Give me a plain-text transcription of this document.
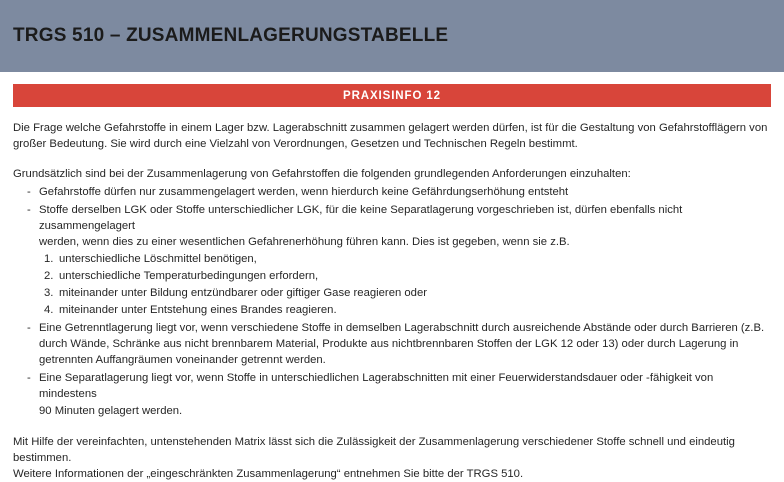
TRGS 510 – ZUSAMMENLAGERUNGSTABELLE
PRAXISINFO 12
Die Frage welche Gefahrstoffe in einem Lager bzw. Lagerabschnitt zusammen gelagert werden dürfen, ist für die Gestaltung von Gefahrstofflägern von
großer Bedeutung. Sie wird durch eine Vielzahl von Verordnungen, Gesetzen und Technischen Regeln bestimmt.
Grundsätzlich sind bei der Zusammenlagerung von Gefahrstoffen die folgenden grundlegenden Anforderungen einzuhalten:
- Gefahrstoffe dürfen nur zusammengelagert werden, wenn hierdurch keine Gefährdungserhöhung entsteht
- Stoffe derselben LGK oder Stoffe unterschiedlicher LGK, für die keine Separatlagerung vorgeschrieben ist, dürfen ebenfalls nicht zusammengelagert
werden, wenn dies zu einer wesentlichen Gefahrenerhöhung führen kann. Dies ist gegeben, wenn sie z.B.
1. unterschiedliche Löschmittel benötigen,
2. unterschiedliche Temperaturbedingungen erfordern,
3. miteinander unter Bildung entzündbarer oder giftiger Gase reagieren oder
4. miteinander unter Entstehung eines Brandes reagieren.
- Eine Getrenntlagerung liegt vor, wenn verschiedene Stoffe in demselben Lagerabschnitt durch ausreichende Abstände oder durch Barrieren (z.B.
durch Wände, Schränke aus nicht brennbarem Material, Produkte aus nichtbrennbaren Stoffen der LGK 12 oder 13) oder durch Lagerung in
getrennten Auffangräumen voneinander getrennt werden.
- Eine Separatlagerung liegt vor, wenn Stoffe in unterschiedlichen Lagerabschnitten mit einer Feuerwiderstandsdauer oder -fähigkeit von mindestens
90 Minuten gelagert werden.
Mit Hilfe der vereinfachten, untenstehenden Matrix lässt sich die Zulässigkeit der Zusammenlagerung verschiedener Stoffe schnell und eindeutig bestimmen.
Weitere Informationen der „eingeschränkten Zusammenlagerung“ entnehmen Sie bitte der TRGS 510.
